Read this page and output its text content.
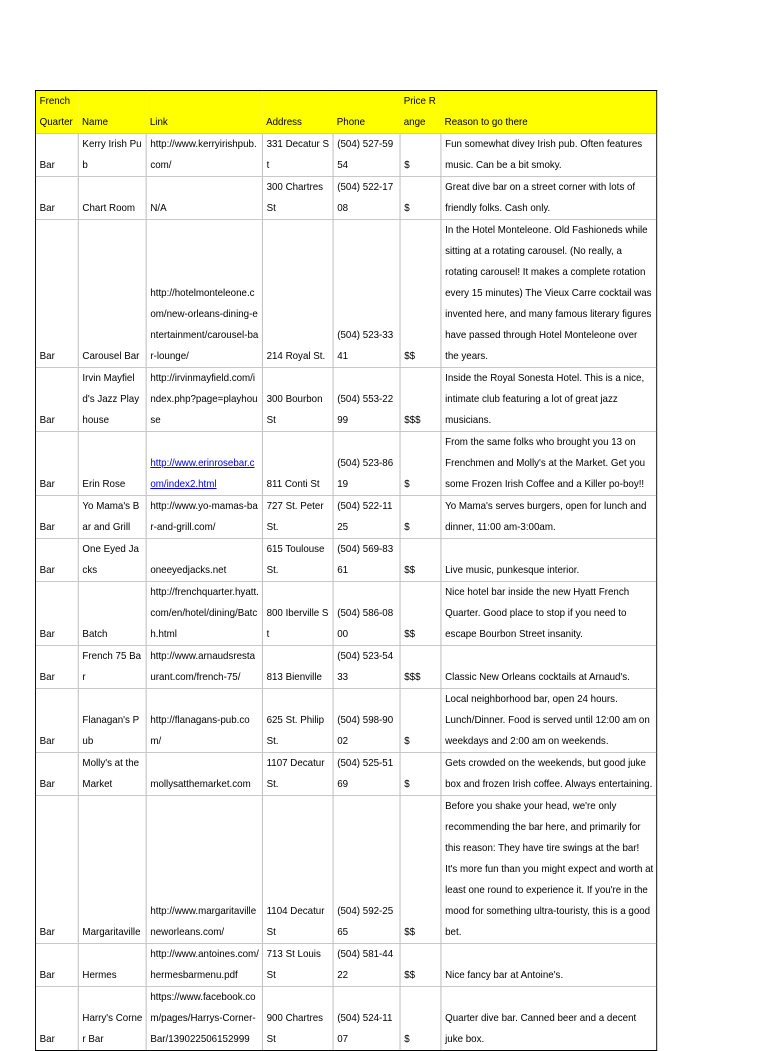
French Quarter	Name	Link	Address	Phone	Price Range	Reason to go there
Bar	Kerry Irish Pub	http://www.kerryirishpub.com/	331 Decatur St	(504) 527-5954	$	Fun somewhat divey Irish pub. Often features music. Can be a bit smoky.
Bar	Chart Room	N/A	300 Chartres St	(504) 522-1708	$	Great dive bar on a street corner with lots of friendly folks. Cash only.
Bar	Carousel Bar	http://hotelmonteleone.com/new-orleans-dining-entertainment/carousel-bar-lounge/	214 Royal St.	(504) 523-3341	$$	In the Hotel Monteleone. Old Fashioneds while sitting at a rotating carousel. (No really, a rotating carousel! It makes a complete rotation every 15 minutes) The Vieux Carre cocktail was invented here, and many famous literary figures have passed through Hotel Monteleone over the years.
Bar	Irvin Mayfield's Jazz Playhouse	http://irvinmayfield.com/index.php?page=playhouse	300 Bourbon St	(504) 553-2299	$$$	Inside the Royal Sonesta Hotel. This is a nice, intimate club featuring a lot of great jazz musicians.
Bar	Erin Rose	http://www.erinrosebar.com/index2.html	811 Conti St	(504) 523-8619	$	From the same folks who brought you 13 on Frenchmen and Molly's at the Market. Get you some Frozen Irish Coffee and a Killer po-boy!!
Bar	Yo Mama's Bar and Grill	http://www.yo-mamas-bar-and-grill.com/	727 St. Peter St.	(504) 522-1125	$	Yo Mama's serves burgers, open for lunch and dinner, 11:00 am-3:00am.
Bar	One Eyed Jacks	oneeyedjacks.net	615 Toulouse St.	(504) 569-8361	$$	Live music, punkesque interior.
Bar	Batch	http://frenchquarter.hyatt.com/en/hotel/dining/Batch.html	800 Iberville St	(504) 586-0800	$$	Nice hotel bar inside the new Hyatt French Quarter. Good place to stop if you need to escape Bourbon Street insanity.
Bar	French 75 Bar	http://www.arnaudsrestaurant.com/french-75/	813 Bienville	(504) 523-5433	$$$	Classic New Orleans cocktails at Arnaud's.
Bar	Flanagan's Pub	http://flanagans-pub.com/	625 St. Philip St.	(504) 598-9002	$	Local neighborhood bar, open 24 hours. Lunch/Dinner. Food is served until 12:00 am on weekdays and 2:00 am on weekends.
Bar	Molly's at the Market	mollysatthemarket.com	1107 Decatur St.	(504) 525-5169	$	Gets crowded on the weekends, but good juke box and frozen Irish coffee. Always entertaining.
Bar	Margaritaville	http://www.margaritavilleneworleans.com/	1104 Decatur St	(504) 592-2565	$$	Before you shake your head, we're only recommending the bar here, and primarily for this reason: They have tire swings at the bar! It's more fun than you might expect and worth at least one round to experience it. If you're in the mood for something ultra-touristy, this is a good bet.
Bar	Hermes	http://www.antoines.com/hermesbarmenu.pdf	713 St Louis St	(504) 581-4422	$$	Nice fancy bar at Antoine's.
Bar	Harry's Corner Bar	https://www.facebook.com/pages/Harrys-Corner-Bar/139022506152999	900 Chartres St	(504) 524-1107	$	Quarter dive bar. Canned beer and a decent juke box.
